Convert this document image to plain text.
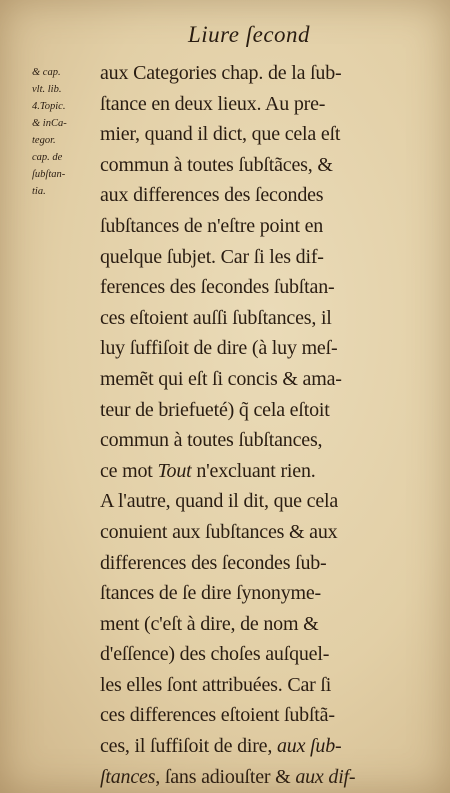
Liure ſecond
& cap.
vlt. lib.
4.Topic.
& inCa-
tegor.
cap. de
ſubſtan-
tia.
aux Categories chap. de la ſub-
ſtance en deux lieux. Au pre-
mier, quand il dict, que cela eſt
commun à toutes ſubſtãces, &
aux differences des ſecondes
ſubſtances de n'eſtre point en
quelque ſubjet. Car ſi les dif-
ferences des ſecondes ſubſtan-
ces eſtoient auſſi ſubſtances, il
luy ſuffiſoit de dire (à luy meſ-
memẽt qui eſt ſi concis & ama-
teur de briefueté) q̃ cela eſtoit
commun à toutes ſubſtances,
ce mot Tout n'excluant rien.
A l'autre, quand il dit, que cela
conuient aux ſubſtances & aux
differences des ſecondes ſub-
ſtances de ſe dire ſynonyme-
ment (c'eſt à dire, de nom &
d'eſſence) des choſes auſquel-
les elles ſont attribuées. Car ſi
ces differences eſtoient ſubſtã-
ces, il ſuffiſoit de dire, aux ſub-
ſtances, ſans adiouſter & aux dif-
